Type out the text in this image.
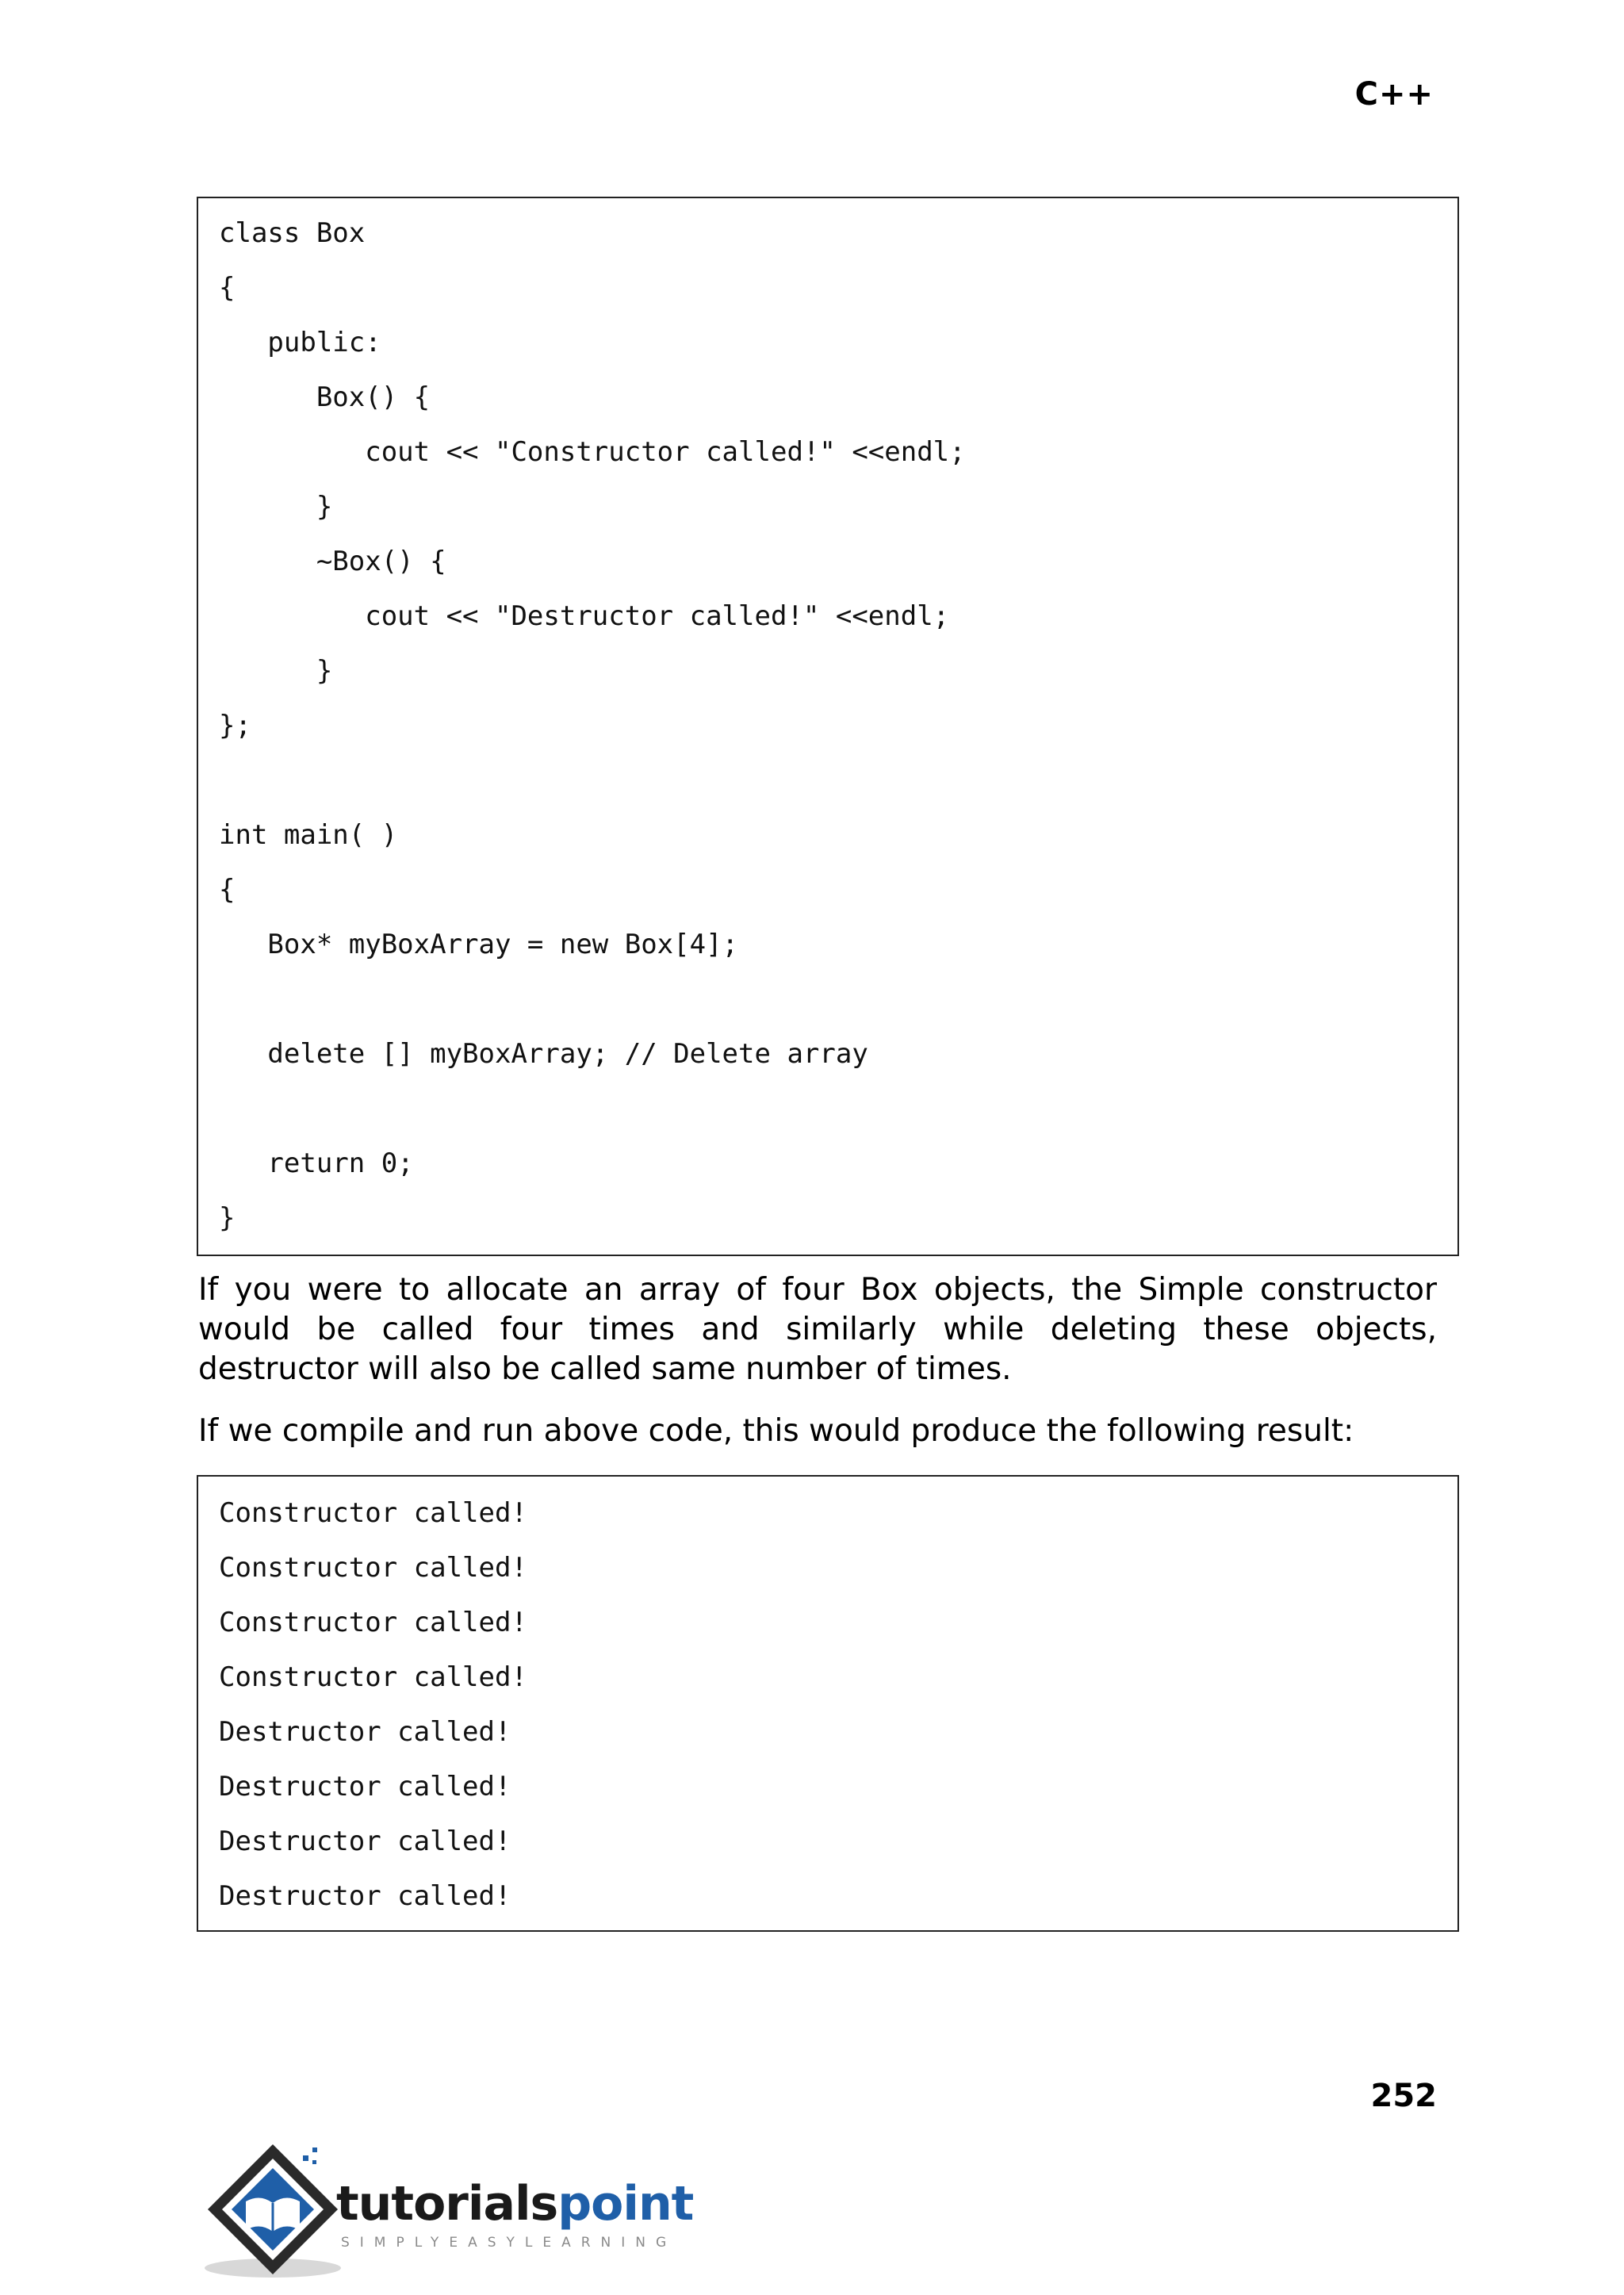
C++
class Box
{
public:
Box() {
cout << "Constructor called!" <<endl;
}
~Box() {
cout << "Destructor called!" <<endl;
}
};
int main( )
{
Box* myBoxArray = new Box[4];
delete [] myBoxArray; // Delete array
return 0;
}
If you were to allocate an array of four Box objects, the Simple constructor would be called four times and similarly while deleting these objects, destructor will also be called same number of times.
If we compile and run above code, this would produce the following result:
Constructor called!
Constructor called!
Constructor called!
Constructor called!
Destructor called!
Destructor called!
Destructor called!
Destructor called!
252
tutorialspoint
SIMPLYEASYLEARNING
